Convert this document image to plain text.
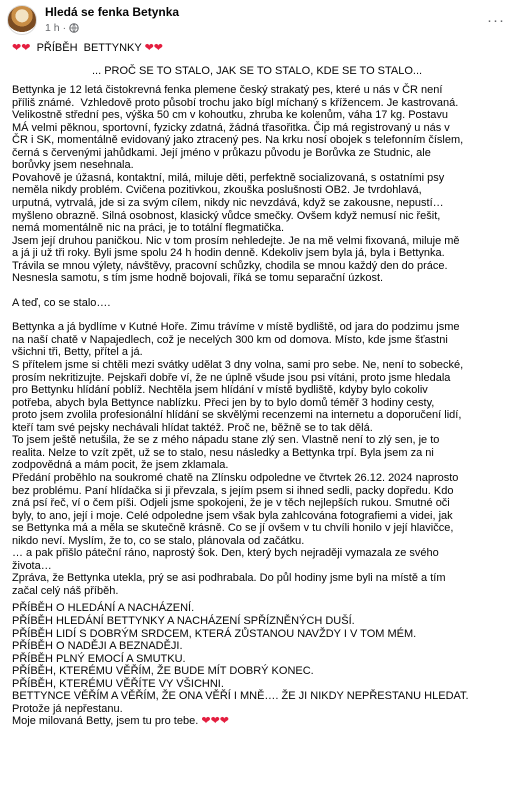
Hledá se fenka Betynka
1 h ·	···

❤❤ PŘÍBĚH  BETTYNKY ❤❤

... PROČ SE TO STALO, JAK SE TO STALO, KDE SE TO STALO...

Bettynka je 12 letá čistokrevná fenka plemene český strakatý pes, které u nás v ČR není

příliš známé.  Vzhledově proto působí trochu jako bígl míchaný s křížencem. Je kastrovaná.

Velikostně střední pes, výška 50 cm v kohoutku, zhruba ke kolenům, váha 17 kg. Postavu

MÁ velmi pěknou, sportovní, fyzicky zdatná, žádná třasořitka. Čip má registrovaný u nás v

ČR i SK, momentálně evidovaný jako ztracený pes. Na krku nosí obojek s telefonním číslem,

černá s červenými jahůdkami. Její jméno v průkazu původu je Borůvka ze Studnic, ale

borůvky jsem nesehnala.

Povahově je úžasná, kontaktní, milá, miluje děti, perfektně socializovaná, s ostatními psy

neměla nikdy problém. Cvičena pozitivkou, zkouška poslušnosti OB2. Je tvrdohlavá,

urputná, vytrvalá, jde si za svým cílem, nikdy nic nevzdává, když se zakousne, nepustí…

myšleno obrazně. Silná osobnost, klasický vůdce smečky. Ovšem když nemusí nic řešit,

nemá momentálně nic na práci, je to totální flegmatička.

Jsem její druhou paničkou. Nic v tom prosím nehledejte. Je na mě velmi fixovaná, miluje mě

a já ji už tři roky. Byli jsme spolu 24 h hodin denně. Kdekoliv jsem byla já, byla i Bettynka.

Trávila se mnou výlety, návštěvy, pracovní schůzky, chodila se mnou každý den do práce.

Nesnesla samotu, s tím jsme hodně bojovali, říká se tomu separační úzkost.

A teď, co se stalo….

Bettynka a já bydlíme v Kutné Hoře. Zimu trávíme v místě bydliště, od jara do podzimu jsme

na naší chatě v Napajedlech, což je necelých 300 km od domova. Místo, kde jsme šťastni

všichni tři, Betty, přítel a já.

S přítelem jsme si chtěli mezi svátky udělat 3 dny volna, sami pro sebe. Ne, není to sobecké,

prosím nekritizujte. Pejskaři dobře ví, že ne úplně všude jsou psi vítáni, proto jsme hledala

pro Bettynku hlídání poblíž. Nechtěla jsem hlídání v místě bydliště, kdyby bylo cokoliv

potřeba, abych byla Bettynce nablízku. Přeci jen by to bylo domů téměř 3 hodiny cesty,

proto jsem zvolila profesionální hlídání se skvělými recenzemi na internetu a doporučení lidí,

kteří tam své pejsky nechávali hlídat taktéž. Proč ne, běžně se to tak dělá.

To jsem ještě netušila, že se z mého nápadu stane zlý sen. Vlastně není to zlý sen, je to

realita. Nelze to vzít zpět, už se to stalo, nesu následky a Bettynka trpí. Byla jsem za ni

zodpovědná a mám pocit, že jsem zklamala.

Předání proběhlo na soukromé chatě na Zlínsku odpoledne ve čtvrtek 26.12. 2024 naprosto

bez problému. Paní hlídačka si ji převzala, s jejím psem si ihned sedli, packy dopředu. Kdo

zná psí řeč, ví o čem píši. Odjeli jsme spokojeni, že je v těch nejlepších rukou. Smutné oči

byly, to ano, její i moje. Celé odpoledne jsem však byla zahlcována fotografiemi a videi, jak

se Bettynka má a měla se skutečně krásně. Co se jí ovšem v tu chvíli honilo v její hlavičce,

nikdo neví. Myslím, že to, co se stalo, plánovala od začátku.

… a pak přišlo páteční ráno, naprostý šok. Den, který bych nejraději vymazala ze svého

života…

Zpráva, že Bettynka utekla, prý se asi podhrabala. Do půl hodiny jsme byli na místě a tím

začal celý náš příběh.

PŘÍBĚH O HLEDÁNÍ A NACHÁZENÍ.

PŘÍBĚH HLEDÁNÍ BETTYNKY A NACHÁZENÍ SPŘÍZNĚNÝCH DUŠÍ.

PŘÍBĚH LIDÍ S DOBRÝM SRDCEM, KTERÁ ZŮSTANOU NAVŽDY I V TOM MÉM.

PŘÍBĚH O NADĚJI A BEZNADĚJI.

PŘÍBĚH PLNÝ EMOCÍ A SMUTKU.

PŘÍBĚH, KTERÉMU VĚŘÍM, ŽE BUDE MÍT DOBRÝ KONEC.

PŘÍBĚH, KTERÉMU VĚŘÍTE VY VŠICHNI.

BETTYNCE VĚŘÍM A VĚŘÍM, ŽE ONA VĚŘÍ I MNĚ…. ŽE JI NIKDY NEPŘESTANU HLEDAT.

Protože já nepřestanu.

Moje milovaná Betty, jsem tu pro tebe. ❤❤❤
